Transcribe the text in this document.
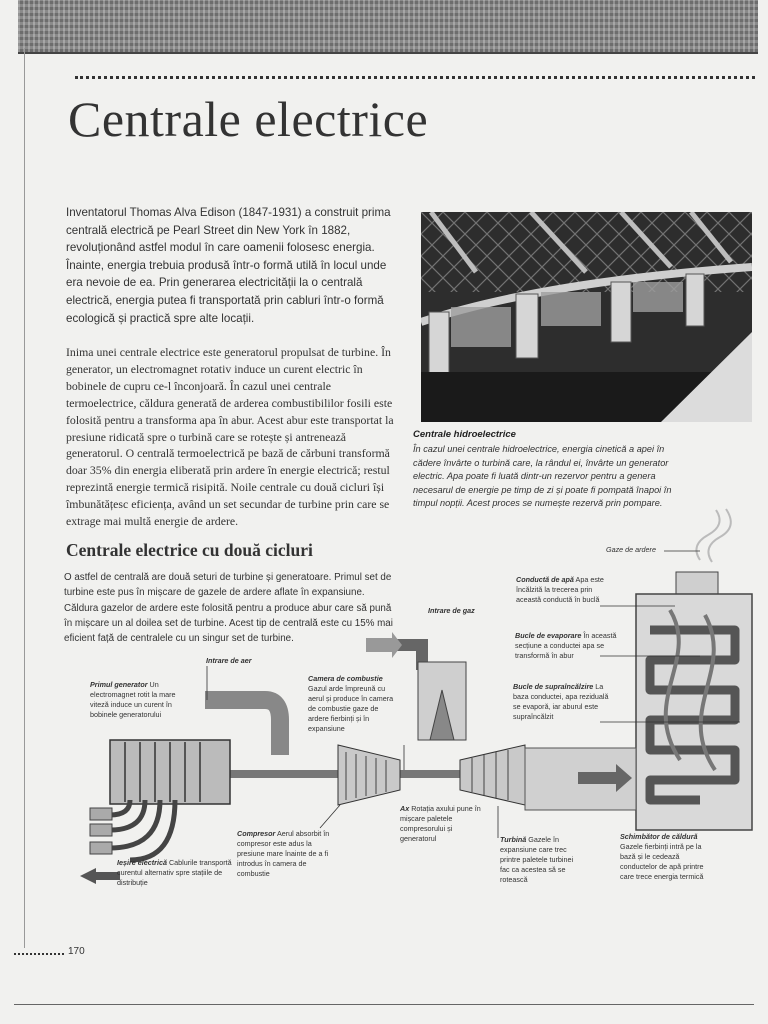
Centrale electrice
Inventatorul Thomas Alva Edison (1847-1931) a construit prima centrală electrică pe Pearl Street din New York în 1882, revoluționând astfel modul în care oamenii folosesc energia. Înainte, energia trebuia produsă într-o formă utilă în locul unde era nevoie de ea. Prin generarea electricității la o centrală electrică, energia putea fi transportată prin cabluri într-o formă ecologică și practică spre alte locații.
Inima unei centrale electrice este generatorul propulsat de turbine. În generator, un electromagnet rotativ induce un curent electric în bobinele de cupru ce-l înconjoară. În cazul unei centrale termoelectrice, căldura generată de arderea combustibililor fosili este folosită pentru a transforma apa în abur. Acest abur este transportat la presiune ridicată spre o turbină care se rotește și antrenează generatorul. O centrală termoelectrică pe bază de cărbuni transformă doar 35% din energia eliberată prin ardere în energie electrică; restul reprezintă energie termică risipită. Noile centrale cu două cicluri își îmbunătățesc eficiența, având un set secundar de turbine prin care se extrage mai multă energie de ardere.
Centrale hidroelectrice
În cazul unei centrale hidroelectrice, energia cinetică a apei în cădere învârte o turbină care, la rândul ei, învârte un generator electric. Apa poate fi luată dintr-un rezervor pentru a genera necesarul de energie pe timp de zi și poate fi pompată înapoi în timpul nopții. Acest proces se numește rezervă prin pompare.
Centrale electrice cu două cicluri
O astfel de centrală are două seturi de turbine și generatoare. Primul set de turbine este pus în mișcare de gazele de ardere aflate în expansiune. Căldura gazelor de ardere este folosită pentru a produce abur care să pună în mișcare un al doilea set de turbine. Acest tip de centrală este cu 15% mai eficient față de centralele cu un singur set de turbine.
Gaze de ardere
Conductă de apă Apa este încălzită la trecerea prin această conductă în buclă
Intrare de gaz
Bucle de evaporare În această secțiune a conductei apa se transformă în abur
Intrare de aer
Camera de combustie Gazul arde împreună cu aerul și produce în camera de combustie gaze de ardere fierbinți și în expansiune
Bucle de supraîncălzire La baza conductei, apa reziduală se evaporă, iar aburul este supraîncălzit
Primul generator Un electromagnet rotit la mare viteză induce un curent în bobinele generatorului
Ax Rotația axului pune în mișcare paletele compresorului și generatorul
Compresor Aerul absorbit în compresor este adus la presiune mare înainte de a fi introdus în camera de combustie
Turbină Gazele în expansiune care trec printre paletele turbinei fac ca acestea să se rotească
Schimbător de căldură Gazele fierbinți intră pe la bază și le cedează conductelor de apă printre care trece energia termică
Ieșire electrică Cablurile transportă curentul alternativ spre stațiile de distribuție
170
